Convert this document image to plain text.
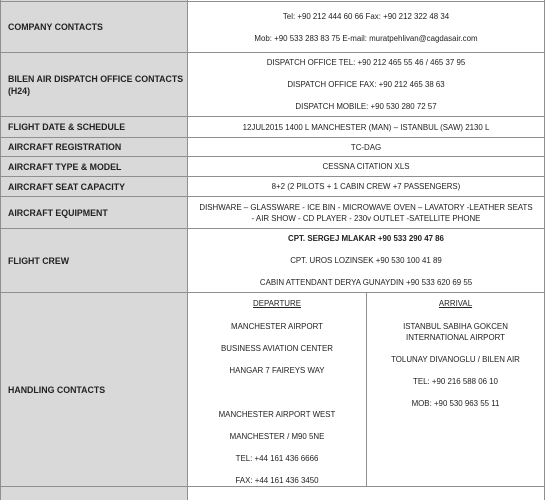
COMPANY CONTACTS	
Tel: +90 212 444 60 66 Fax: +90 212 322 48 34
Mob: +90 533 283 83 75 E-mail: muratpehlivan@cagdasair.com

BILEN AIR DISPATCH OFFICE CONTACTS (H24)	
DISPATCH OFFICE TEL: +90 212 465 55 46 / 465 37 95
DISPATCH OFFICE FAX: +90 212 465 38 63
DISPATCH MOBILE: +90 530 280 72 57

FLIGHT DATE & SCHEDULE	12JUL2015 1400 L MANCHESTER (MAN) – ISTANBUL (SAW) 2130 L
AIRCRAFT REGISTRATION	TC-DAG
AIRCRAFT TYPE & MODEL	CESSNA CITATION XLS
AIRCRAFT SEAT CAPACITY	8+2 (2 PILOTS + 1 CABIN CREW +7 PASSENGERS)
AIRCRAFT EQUIPMENT	
DISHWARE – GLASSWARE - ICE BIN - MICROWAVE OVEN – LAVATORY -LEATHER SEATS
- AIR SHOW - CD PLAYER - 230v OUTLET -SATELLITE PHONE

FLIGHT CREW	
CPT. SERGEJ MLAKAR +90 533 290 47 86
CPT. UROS LOZINSEK +90 530 100 41 89
CABIN ATTENDANT DERYA GUNAYDIN +90 533 620 69 55

HANDLING CONTACTS	
DEPARTURE
MANCHESTER AIRPORT
BUSINESS AVIATION CENTER
HANGAR 7 FAIREYS WAY
MANCHESTER AIRPORT WEST
MANCHESTER / M90 5NE
TEL: +44 161 436 6666
FAX: +44 161 436 3450

ARRIVAL
ISTANBUL SABIHA GOKCEN INTERNATIONAL AIRPORT
TOLUNAY DIVANOGLU / BILEN AIR
TEL: +90 216 588 06 10
MOB: +90 530 963 55 11
